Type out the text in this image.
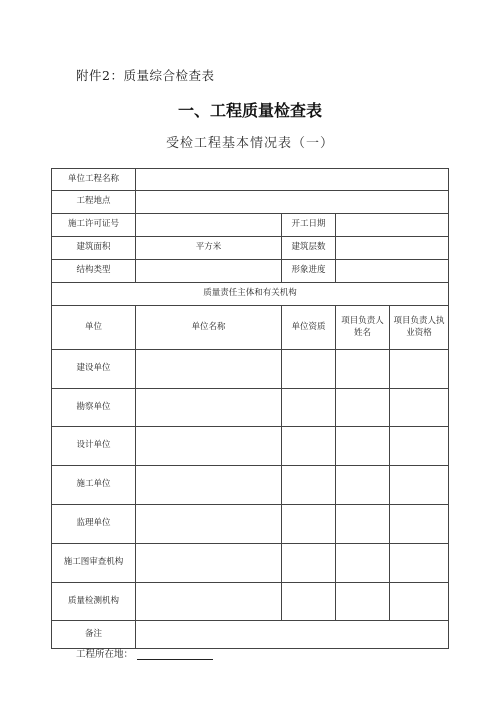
附件2：质量综合检查表
一、工程质量检查表
受检工程基本情况表（一）
单位工程名称				
工程地点				
施工许可证号		开工日期		
建筑面积	平方米	建筑层数		
结构类型		形象进度		
质量责任主体和有关机构				
单位	单位名称	单位资质	项目负责人姓名	项目负责人执业资格
建设单位				
勘察单位				
设计单位				
施工单位				
监理单位				
施工图审查机构				
质量检测机构				
备注				
工程所在地：
